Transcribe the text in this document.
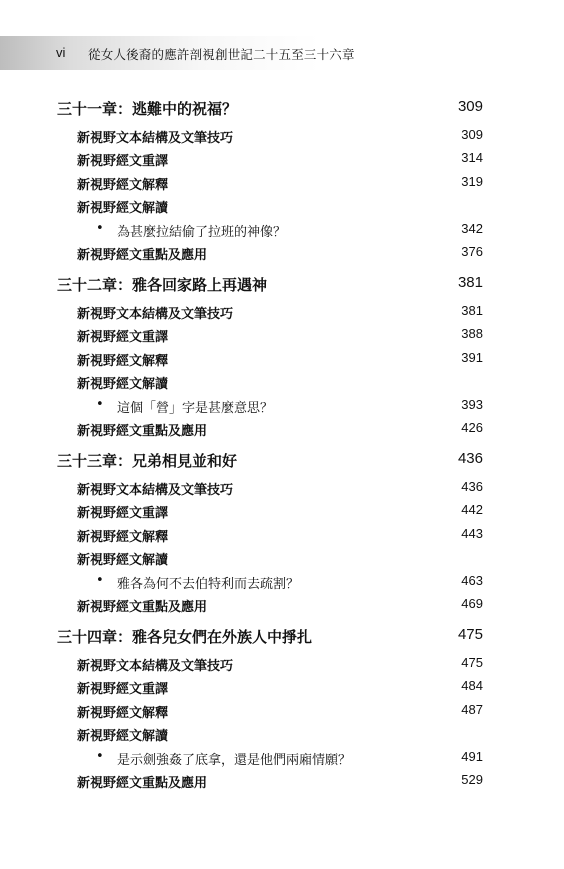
vi 從女人後裔的應許剖視創世記二十五至三十六章
三十一章：逃難中的祝福？	309
新視野文本結構及文筆技巧	309
新視野經文重譯	314
新視野經文解釋	319
新視野經文解讀
• 為甚麼拉結偷了拉班的神像？	342
新視野經文重點及應用	376
三十二章：雅各回家路上再遇神	381
新視野文本結構及文筆技巧	381
新視野經文重譯	388
新視野經文解釋	391
新視野經文解讀
• 這個「營」字是甚麼意思？	393
新視野經文重點及應用	426
三十三章：兄弟相見並和好	436
新視野文本結構及文筆技巧	436
新視野經文重譯	442
新視野經文解釋	443
新視野經文解讀
• 雅各為何不去伯特利而去疏割？	463
新視野經文重點及應用	469
三十四章：雅各兒女們在外族人中掙扎	475
新視野文本結構及文筆技巧	475
新視野經文重譯	484
新視野經文解釋	487
新視野經文解讀
• 是示劍強姦了底拿，還是他們兩廂情願？	491
新視野經文重點及應用	529
